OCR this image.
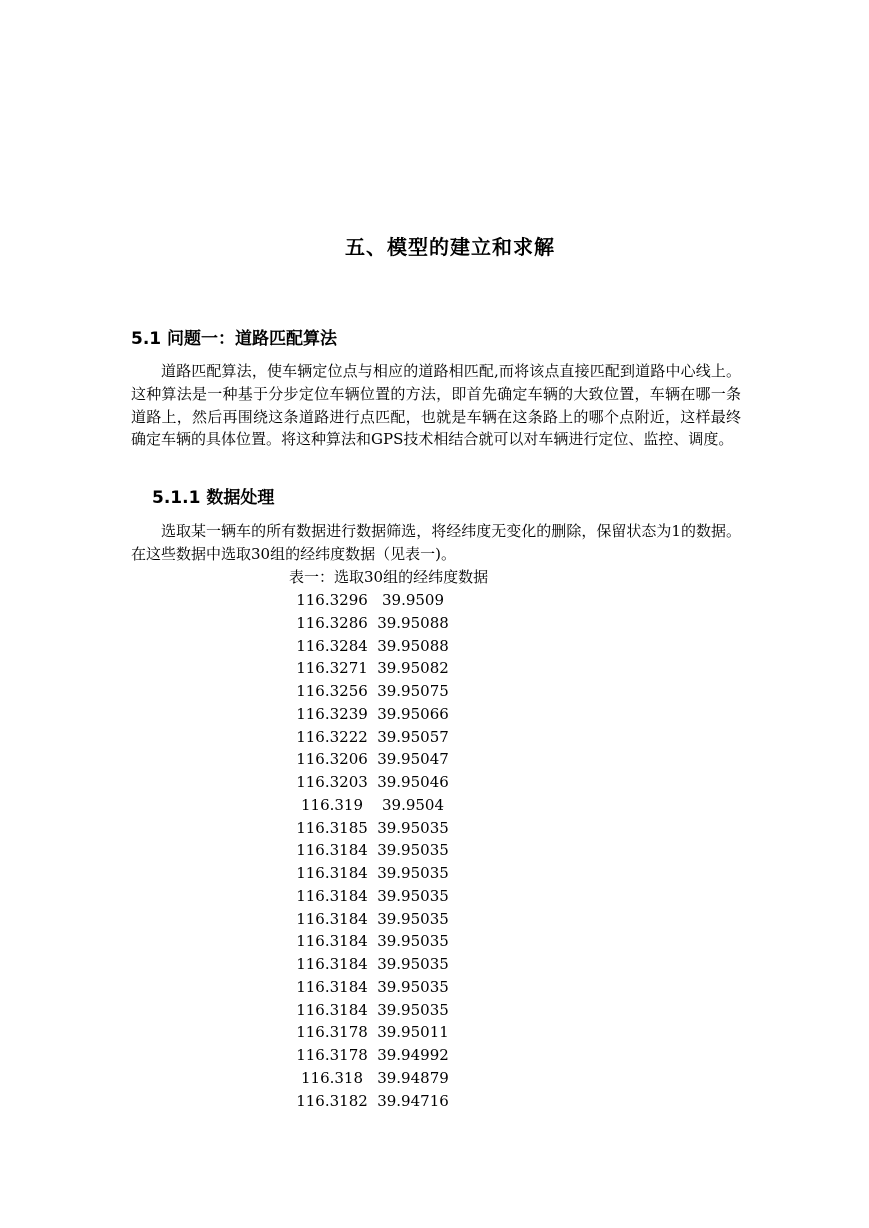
五、模型的建立和求解
5.1 问题一：道路匹配算法
道路匹配算法，使车辆定位点与相应的道路相匹配,而将该点直接匹配到道路中心线上。这种算法是一种基于分步定位车辆位置的方法，即首先确定车辆的大致位置，车辆在哪一条道路上，然后再围绕这条道路进行点匹配，也就是车辆在这条路上的哪个点附近，这样最终确定车辆的具体位置。将这种算法和GPS技术相结合就可以对车辆进行定位、监控、调度。
5.1.1 数据处理
选取某一辆车的所有数据进行数据筛选，将经纬度无变化的删除，保留状态为1的数据。在这些数据中选取30组的经纬度数据（见表一)。
表一：选取30组的经纬度数据
116.3296	39.9509
116.3286	39.95088
116.3284	39.95088
116.3271	39.95082
116.3256	39.95075
116.3239	39.95066
116.3222	39.95057
116.3206	39.95047
116.3203	39.95046
116.319	39.9504
116.3185	39.95035
116.3184	39.95035
116.3184	39.95035
116.3184	39.95035
116.3184	39.95035
116.3184	39.95035
116.3184	39.95035
116.3184	39.95035
116.3184	39.95035
116.3178	39.95011
116.3178	39.94992
116.318	39.94879
116.3182	39.94716
